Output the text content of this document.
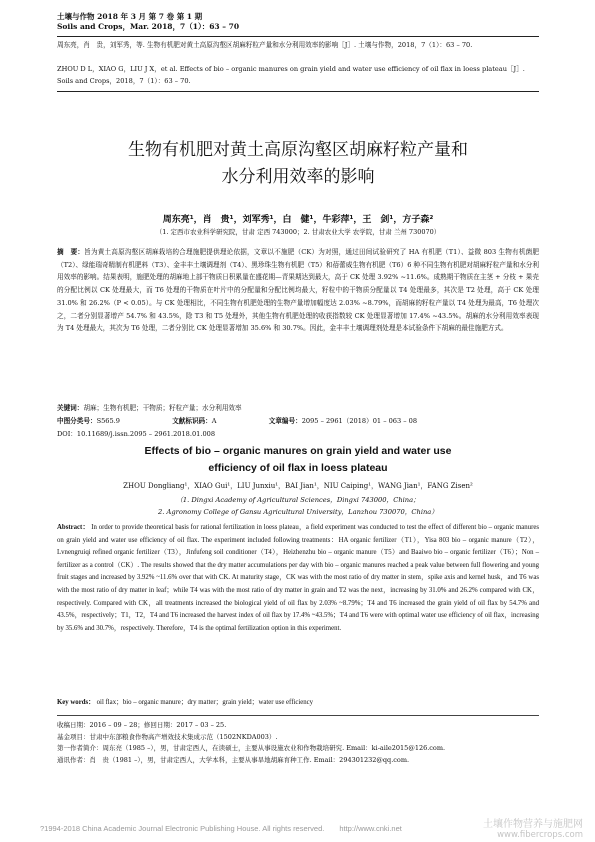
土壤与作物 2018 年 3 月 第 7 卷 第 1 期
Soils and Crops，Mar. 2018，7（1）：63 – 70
周东亮，肖　贵，刘军秀，等. 生物有机肥对黄土高原沟壑区胡麻籽粒产量和水分利用效率的影响［J］. 土壤与作物，2018，7（1）：63 – 70.
ZHOU D L，XIAO G，LIU J X，et al. Effects of bio – organic manures on grain yield and water use efficiency of oil flax in loess plateau［J］. Soils and Crops，2018，7（1）：63 – 70.
生物有机肥对黄土高原沟壑区胡麻籽粒产量和
水分利用效率的影响
周东亮¹，肖　贵¹，刘军秀¹，白　健¹，牛彩萍¹，王　剑¹，方子森²
（1. 定西市农业科学研究院，甘肃 定西 743000；2. 甘肃农业大学 农学院，甘肃 兰州 730070）
摘　要：旨为黄土高原沟壑区胡麻栽培的合理施肥提供理论依据，文章以不施肥（CK）为对照，通过田间试验研究了 HA 有机肥（T1）、益微 803 生物有机菌肥（T2）、绿能瑞奇精制有机肥料（T3）、金丰丰土壤调理剂（T4）、黑珍珠生物有机肥（T5）和蓓蕾威生物有机肥（T6）6 种不同生物有机肥对胡麻籽粒产量和水分利用效率的影响。结果表明，施肥处理的胡麻地上部干物质日积累量在盛花期—青果期达到最大，高于 CK 处理 3.92% ~11.6%。成熟期干物质在主茎 + 分枝 + 果壳的分配比例以 CK 处理最大，而 T6 处理的干物质在叶片中的分配量和分配比例均最大，籽粒中的干物质分配量以 T4 处理最多，其次是 T2 处理，高于 CK 处理 31.0% 和 26.2%（P < 0.05）。与 CK 处理相比，不同生物有机肥处理的生物产量增加幅度达 2.03% ~8.79%，而胡麻的籽粒产量以 T4 处理为最高，T6 处理次之，二者分别显著增产 54.7% 和 43.5%，除 T3 和 T5 处理外，其他生物有机肥处理的收获指数较 CK 处理显著增加 17.4% ~43.5%。胡麻的水分利用效率表现为 T4 处理最大，其次为 T6 处理，二者分别比 CK 处理显著增加 35.6% 和 30.7%。因此，金丰丰土壤调理剂处理是本试验条件下胡麻的最佳施肥方式。
关键词：胡麻；生物有机肥；干物质；籽粒产量；水分利用效率
中图分类号：S565.9	文献标识码：A	文章编号：2095 – 2961（2018）01 – 063 – 08
DOI：10.11689/j.issn.2095 – 2961.2018.01.008
Effects of bio – organic manures on grain yield and water use
efficiency of oil flax in loess plateau
ZHOU Dongliang¹，XIAO Gui¹，LIU Junxiu¹，BAI Jian¹，NIU Caiping¹，WANG Jian¹，FANG Zisen²
（1. Dingxi Academy of Agricultural Sciences，Dingxi 743000，China；
2. Agronomy College of Gansu Agricultural University，Lanzhou 730070，China）
Abstract： In order to provide theoretical basis for rational fertilization in loess plateau，a field experiment was conducted to test the effect of different bio – organic manures on grain yield and water use efficiency of oil flax. The experiment included following treatments：HA organic fertilizer（T1），Yisa 803 bio – organic manure（T2），Lvnengruiqi refined organic fertilizer（T3），Jinfufeng soil conditioner（T4），Heizhenzhu bio – organic manure（T5）and Baaiwo bio – organic fertilizer（T6）；Non – fertilizer as a control（CK）. The results showed that the dry matter accumulations per day with bio – organic manures reached a peak value between full flowering and young fruit stages and increased by 3.92% ~11.6% over that with CK. At maturity stage，CK was with the most ratio of dry matter in stem，spike axis and kernel husk，and T6 was with the most ratio of dry matter in leaf；while T4 was with the most ratio of dry matter in grain and T2 was the next，increasing by 31.0% and 26.2% compared with CK，respectively. Compared with CK，all treatments increased the biological yield of oil flax by 2.03% ~8.79%；T4 and T6 increased the grain yield of oil flax by 54.7% and 43.5%，respectively；T1，T2，T4 and T6 increased the harvest index of oil flax by 17.4% ~43.5%；T4 and T6 were with optimal water use efficiency of oil flax，increasing by 35.6% and 30.7%，respectively. Therefore，T4 is the optimal fertilization option in this experiment.
Key words： oil flax；bio – organic manure；dry matter；grain yield；water use efficiency
收稿日期：2016 – 09 – 28；修回日期：2017 – 03 – 25.
基金项目：甘肃中东部粮食作物高产增效技术集成示范（1502NKDA003）.
第一作者简介：周东亮（1985 –），男，甘肃定西人，在读硕士，主要从事设施农业和作物栽培研究. Email：ki-aile2015@126.com.
通讯作者：肖　贵（1981 –），男，甘肃定西人，大学本科，主要从事旱地胡麻育种工作. Email：294301232@qq.com.
?1994-2018 China Academic Journal Electronic Publishing House. All rights reserved.　　http://www.cnki.net	土壤作物营养与施肥网
www.fibercrops.com
